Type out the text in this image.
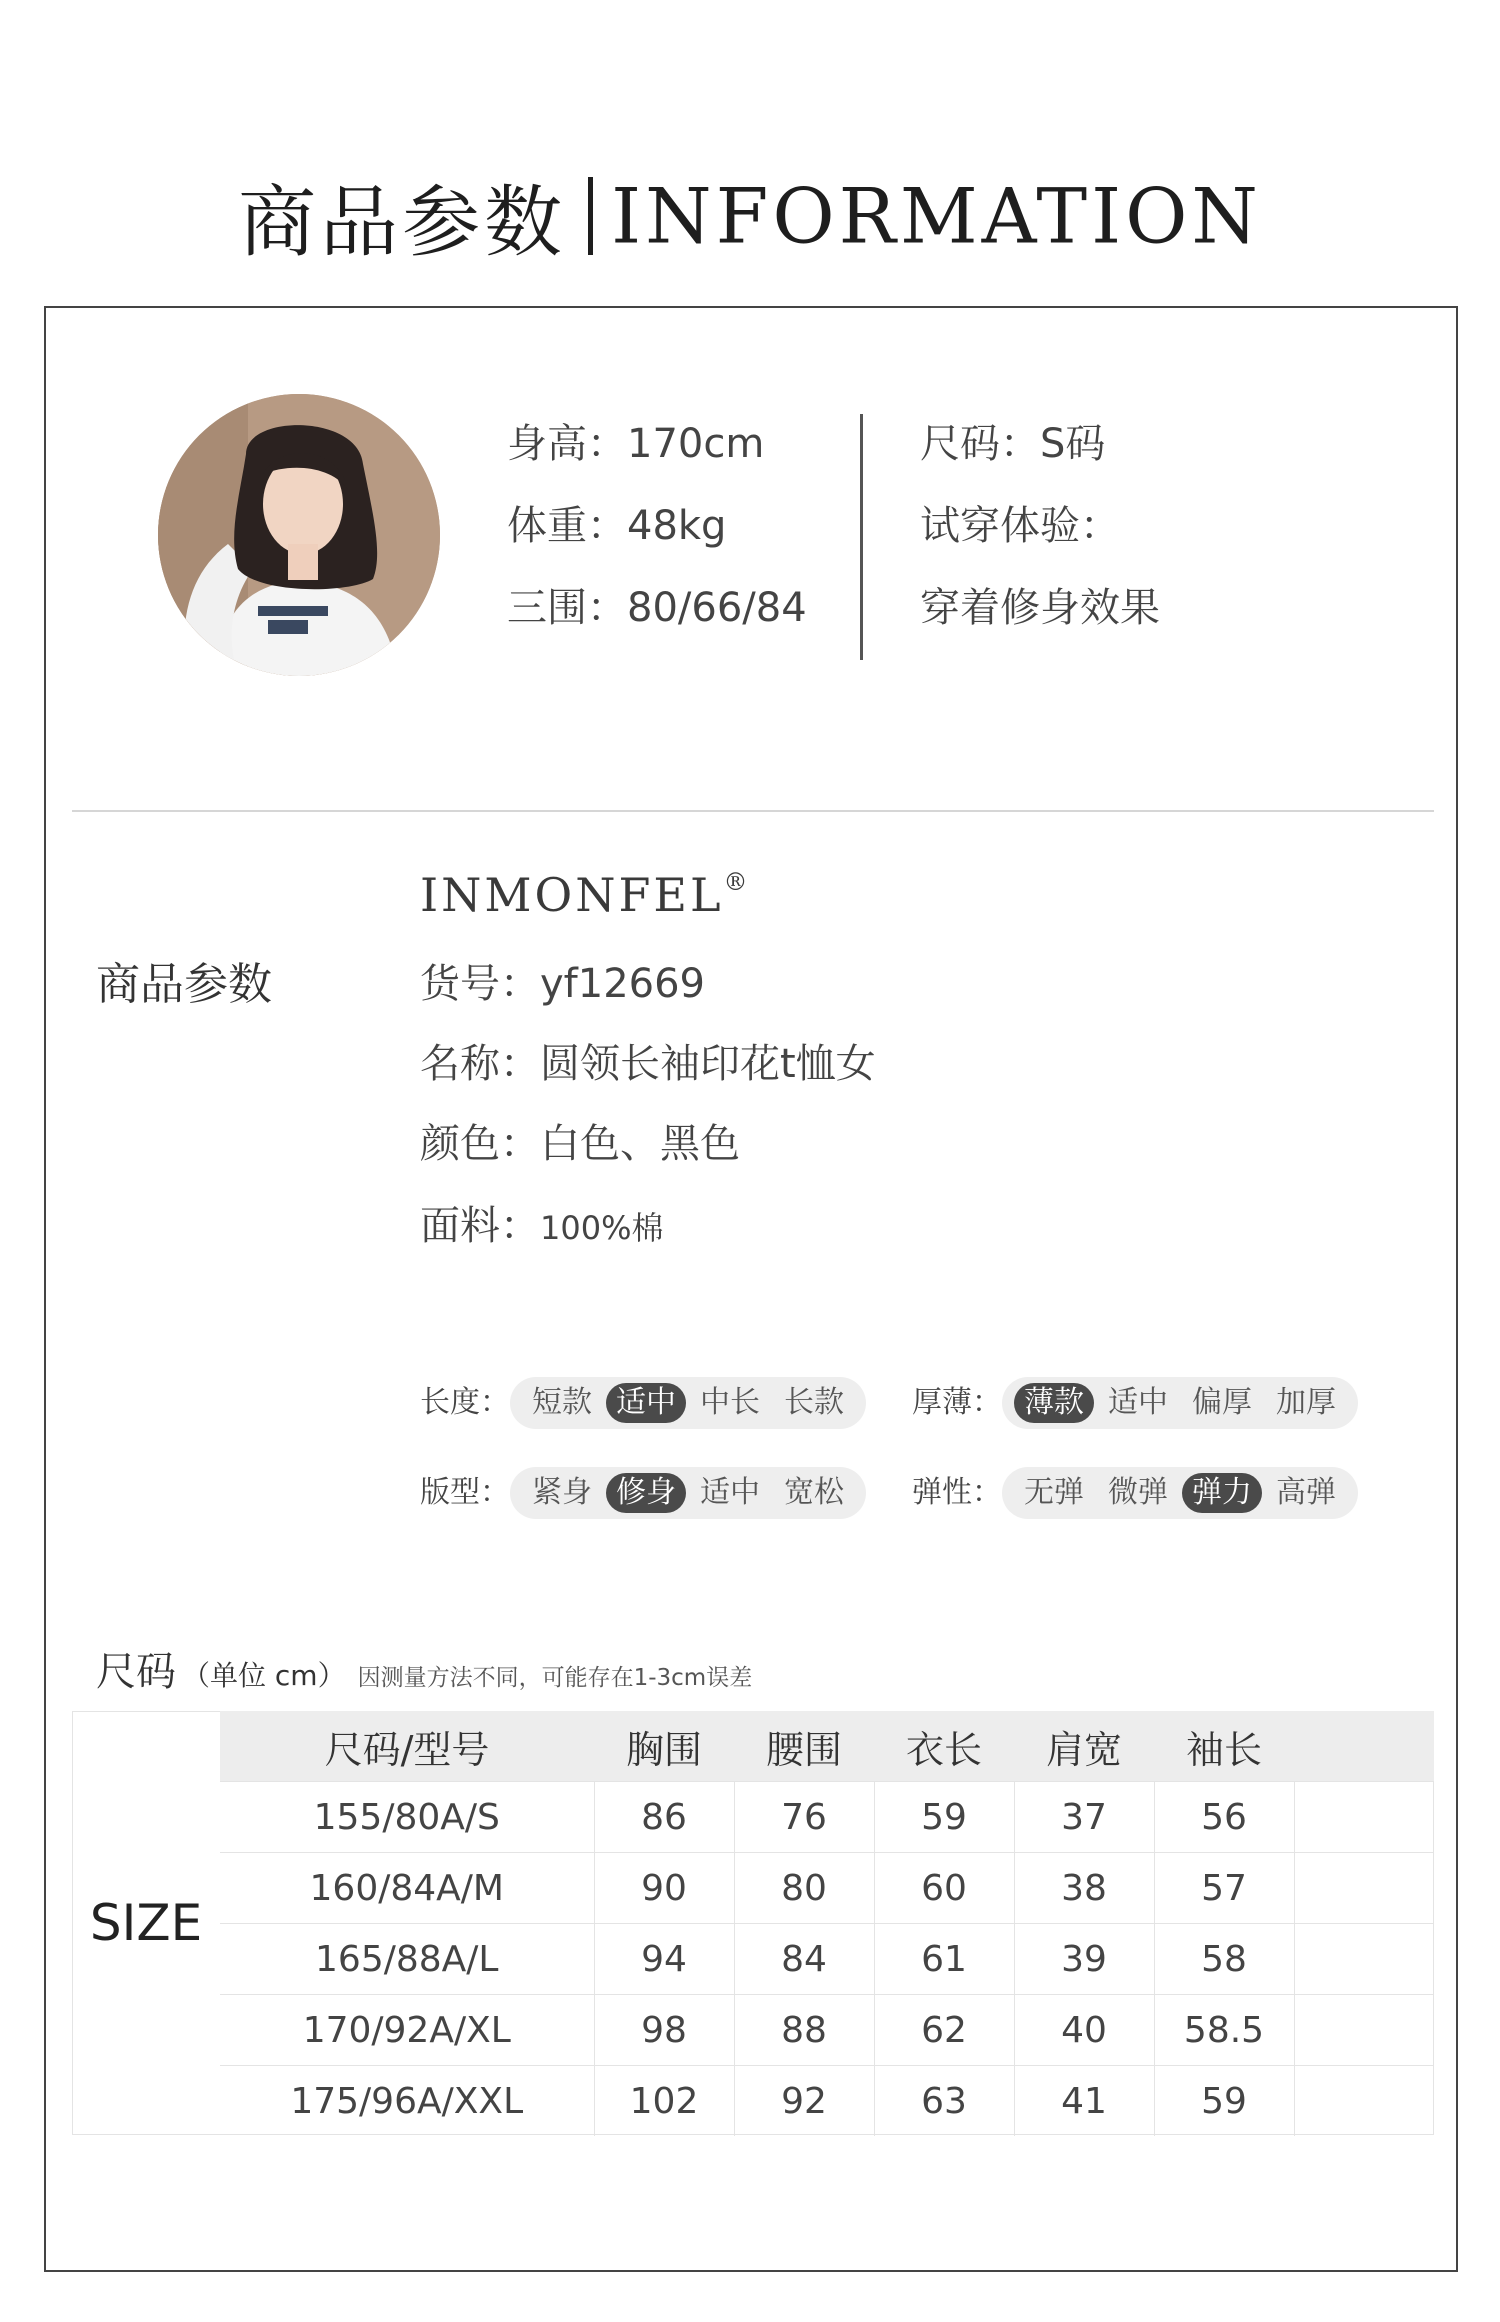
商品参数 INFORMATION
身高：170cm
体重：48kg
三围：80/66/84
尺码：S码
试穿体验：
穿着修身效果
INMONFEL®
商品参数	货号：yf12669
名称：圆领长袖印花t恤女
颜色：白色、黑色
面料：100%棉
长度： 短款 适中 中长 长款	厚薄： 薄款 适中 偏厚 加厚
版型： 紧身 修身 适中 宽松	弹性： 无弹 微弹 弹力 高弹
尺码 （单位 cm） 因测量方法不同，可能存在1-3cm误差
SIZE
尺码/型号	胸围	腰围	衣长	肩宽	袖长	
155/80A/S	86	76	59	37	56	
160/84A/M	90	80	60	38	57	
165/88A/L	94	84	61	39	58	
170/92A/XL	98	88	62	40	58.5	
175/96A/XXL	102	92	63	41	59	
